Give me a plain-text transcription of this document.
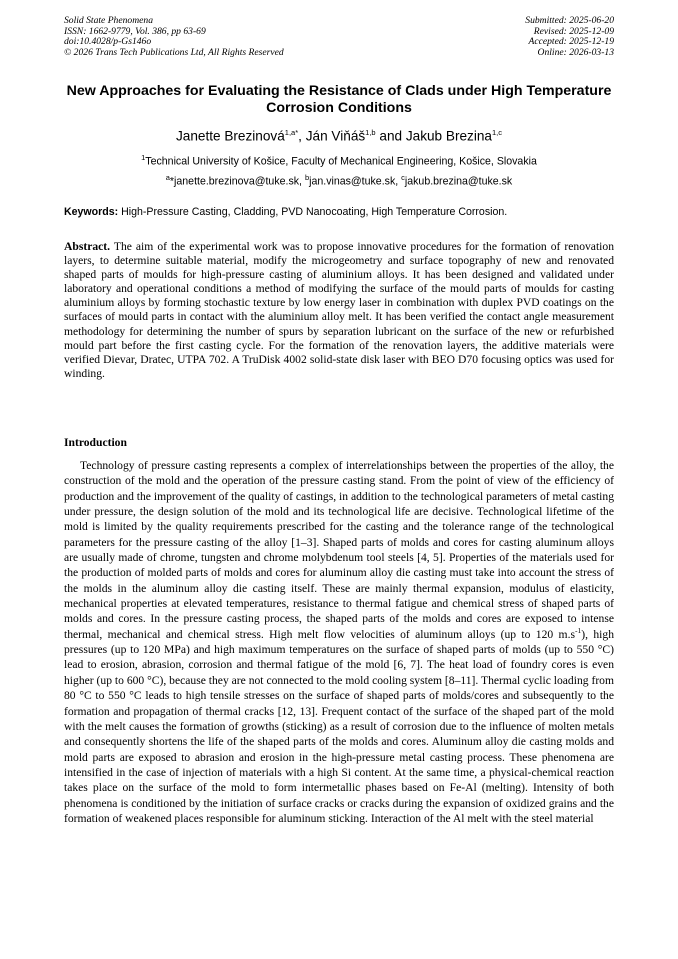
Solid State Phenomena
ISSN: 1662-9779, Vol. 386, pp 63-69
doi:10.4028/p-Gs146o
© 2026 Trans Tech Publications Ltd, All Rights Reserved
Submitted: 2025-06-20
Revised: 2025-12-09
Accepted: 2025-12-19
Online: 2026-03-13
New Approaches for Evaluating the Resistance of Clads under High Temperature Corrosion Conditions
Janette Brezinová$^{1,a*}$, Ján Viňáš$^{1,b}$ and Jakub Brezina$^{1,c}$
$^1$Technical University of Košice, Faculty of Mechanical Engineering, Košice, Slovakia
$^a$*janette.brezinova@tuke.sk, $^b$jan.vinas@tuke.sk, $^c$jakub.brezina@tuke.sk
Keywords: High-Pressure Casting, Cladding, PVD Nanocoating, High Temperature Corrosion.
Abstract. The aim of the experimental work was to propose innovative procedures for the formation of renovation layers, to determine suitable material, modify the microgeometry and surface topography of new and renovated shaped parts of moulds for high-pressure casting of aluminium alloys. It has been designed and validated under laboratory and operational conditions a method of modifying the surface of the mould parts of moulds for casting aluminium alloys by forming stochastic texture by low energy laser in combination with duplex PVD coatings on the surfaces of mould parts in contact with the aluminium alloy melt. It has been verified the contact angle measurement methodology for determining the number of spurs by separation lubricant on the surface of the new or refurbished mould part before the first casting cycle. For the formation of the renovation layers, the additive materials were verified Dievar, Dratec, UTPA 702. A TruDisk 4002 solid-state disk laser with BEO D70 focusing optics was used for winding.
Introduction
Technology of pressure casting represents a complex of interrelationships between the properties of the alloy, the construction of the mold and the operation of the pressure casting stand. From the point of view of the efficiency of production and the improvement of the quality of castings, in addition to the technological parameters of metal casting under pressure, the design solution of the mold and its technological life are decisive. Technological lifetime of the mold is limited by the quality requirements prescribed for the casting and the tolerance range of the technological parameters for the pressure casting of the alloy [1–3]. Shaped parts of molds and cores for casting aluminum alloys are usually made of chrome, tungsten and chrome molybdenum tool steels [4, 5]. Properties of the materials used for the production of molded parts of molds and cores for aluminum alloy die casting must take into account the stress of the molds in the aluminum alloy die casting itself. These are mainly thermal expansion, modulus of elasticity, mechanical properties at elevated temperatures, resistance to thermal fatigue and chemical stress of shaped parts of molds and cores. In the pressure casting process, the shaped parts of the molds and cores are exposed to intense thermal, mechanical and chemical stress. High melt flow velocities of aluminum alloys (up to 120 $m.s^{-1}$), high pressures (up to 120 MPa) and high maximum temperatures on the surface of shaped parts of molds (up to 550 °C) lead to erosion, abrasion, corrosion and thermal fatigue of the mold [6, 7]. The heat load of foundry cores is even higher (up to 600 °C), because they are not connected to the mold cooling system [8–11]. Thermal cyclic loading from 80 °C to 550 °C leads to high tensile stresses on the surface of shaped parts of molds/cores and subsequently to the formation and propagation of thermal cracks [12, 13]. Frequent contact of the surface of the shaped part of the mold with the melt causes the formation of growths (sticking) as a result of corrosion due to the influence of molten metals and consequently shortens the life of the shaped parts of the molds and cores. Aluminum alloy die casting molds and mold parts are exposed to abrasion and erosion in the high-pressure metal casting process. These phenomena are intensified in the case of injection of materials with a high Si content. At the same time, a physical-chemical reaction takes place on the surface of the mold to form intermetallic phases based on Fe-Al (melting). Intensity of both phenomena is conditioned by the initiation of surface cracks or cracks during the expansion of oxidized grains and the formation of weakened places responsible for aluminum sticking. Interaction of the Al melt with the steel material
